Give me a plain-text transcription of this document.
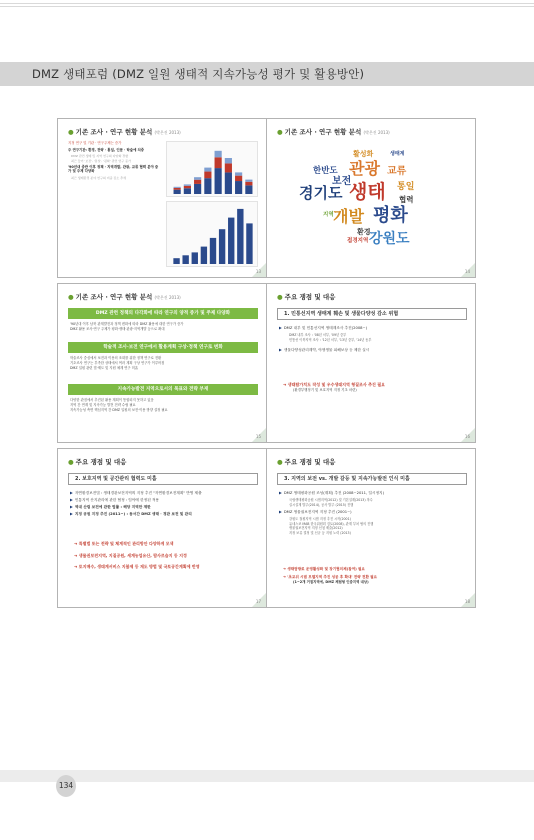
DMZ 생태포럼 (DMZ 일원 생태적 지속가능성 평가 및 활용방안)
● 기존 조사 · 연구 현황 분석 (박은진 2013)
지정 연구 및 기관 · 연구주제는 증가
주 연구기관: 환경, 전략 · 통일, 인문 · 학술에 치중
DMZ 관련 생태 및 지역 연구의 다양화 경향
최근 들어 '보전', '통일', '평화' 관련 연구 증가
'90년대 중반 이후 정책 · 지역개발, 관광, 교류 협력 분야 증가 및 주제 다양화
최근 생태환경 분야 연구의 비중 감소 추세
13
● 기존 조사 · 연구 현황 분석 (박은진 2013)
활성화	생태계
관광 교류
한반도
보전
경기도 생태 통일
협력
개발 평화
지역
환경
접경지역 강원도
14
● 기존 조사 · 연구 현황 분석 (박은진 2013)
DMZ 관련 정책의 다각화에 따라 연구의 양적 증가 및 주제 다양화
'90년대 이후 남북 관계발전과 정책 변화에 따라 DMZ 활용에 대한 연구가 증가
DMZ 활용 조사·연구 주제가 평화·생태·관광·지역개발 등으로 확대
학술적 조사·보전 연구에서 활용계획 구상·정책 연구로 변화
학술조사 중심에서 보전과 이용의 조화를 위한 정책 연구로 전환
기초조사 연구는 부족한 상태에서 여러 계획 구상 연구가 이루어짐
DMZ 일원 관련 법·제도 및 지원 체계 연구 미흡
지속가능발전 지역으로서의 목표와 전략 부재
다양한 관점에서 추진된 활용 계획이 통합되지 못하고 있음
지역 간 연계 및 지속가능 발전 전략 수립 필요
지속가능성 측면 핵심지역 간 DMZ 일원의 보전·이용 방향 설정 필요
15
● 주요 쟁점 및 대응
1. 민통선지역 생태계 훼손 및 생물다양성 감소 위협
▶ DMZ 내부 및 민통선지역 생태계조사 추진(2008~)
DMZ 내부 조사 : '08년 서부, '09년 중부
민통선 이북지역 조사 : '12년 서부, '13년 중부, '14년 동부
▶ 생물다양성관리계약, 야생생물 피해보상 등 제한 실시
➜ 생태탐가치도 작성 및 우수생태지역 형질조사 추진 필요
(환경부행정기 및 보호지역 지정 기초 마련)
16
● 주요 쟁점 및 대응
2. 보호지역 및 공간관리 협력도 미흡
▶ 자연환경보전법 : 생태경관보전지역의 지정 추진 "자연환경보전계획" 반영 제출
▶ 민통지역 산지관리에 관한 협정 : 임야에 한정된 적용
▶ 역대 산림 보전에 관한 법률 : 해당 지역만 제한
▶ 지정 공원 지정 추진 (2011~) : 동서간 DMZ 생태 · 경관 보전 및 관리
➜ 특별법 또는 전략 및 체계적인 관리방안 다양하게 모색
➜ 생물권보전지역, 지질공원, 세계농업유산, 람사르습지 등 지정
➜ 토지매수, 생태계서비스 지불제 등 재도 방법 및 국토공간계획에 반영
17
● 주요 쟁점 및 대응
3. 지역의 보전 vs. 개발 갈등 및 지속가능발전 인식 미흡
▶ DMZ 생태평화공원 조성(계획) 추진 (2008~2011, 일시정지)
국립생태평화공원 시범지역(2012) 및 기본설계(2013) 착수
실시설계 발주(2014), 공사 발주 (2015) 진행
▶ DMZ 생물권보전지역 지정 추진 (2001~)
강원도 철원지역 시범 지정 추진 시작(2001)
유네스코 MAB 한국위원회 검토(2008), 관계 부처 협의 진행
생물권보전지역 지정 신청 제출(2012)
지정 보류 결정 및 신규 등 지원 노력 (2013)
➜ 생태탐방로 운영활성화 및 장기협의체(참여) 필요
➜ '초교위 시범 모델지역 추진 성공 후 확대' 전략 전환 필요
(1~2개 거점지역에, DMZ 체험형 인증지역 대상)
18
134
